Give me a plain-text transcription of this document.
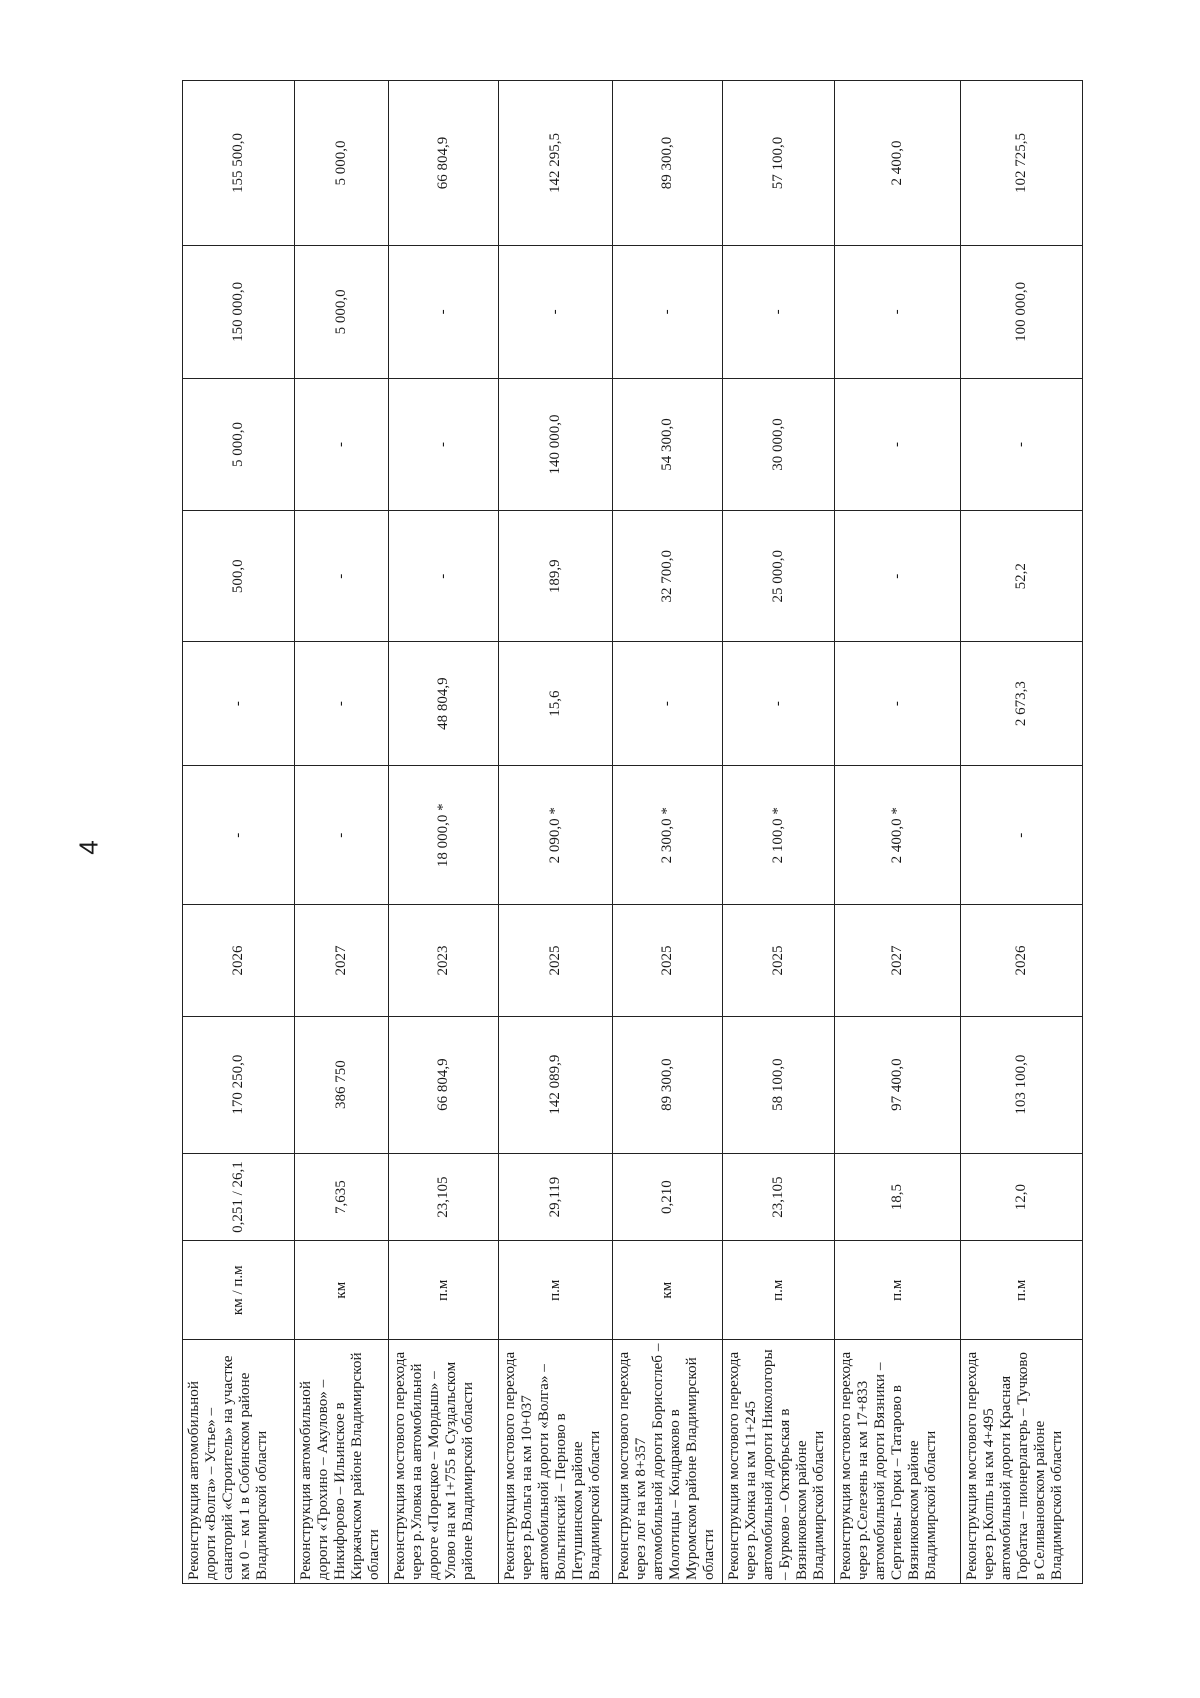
4
Реконструкция автомобильной дороги «Волга» – Устье» – санаторий «Строитель» на участке км 0 – км 1 в Собинском районе Владимирской области	км / п.м	0,251 / 26,1	170 250,0	2026	-	-	500,0	5 000,0	150 000,0	155 500,0
Реконструкция автомобильной дороги «Трохино – Акулово» – Никифорово – Ильинское в Киржачском районе Владимирской области	км	7,635	386 750	2027	-	-	-	-	5 000,0	5 000,0
Реконструкция мостового перехода через р.Уловка на автомобильной дороге «Порецкое – Мордыш» – Улово на км 1+755 в Суздальском районе Владимирской области	п.м	23,105	66 804,9	2023	18 000,0 *	48 804,9	-	-	-	66 804,9
Реконструкция мостового перехода через р.Вольга на км 10+037 автомобильной дороги «Волга» – Вольгинский – Перново в Петушинском районе Владимирской области	п.м	29,119	142 089,9	2025	2 090,0 *	15,6	189,9	140 000,0	-	142 295,5
Реконструкция мостового перехода через лог на км 8+357 автомобильной дороги Борисоглеб – Молотицы – Кондраково в Муромском районе Владимирской области	км	0,210	89 300,0	2025	2 300,0 *	-	32 700,0	54 300,0	-	89 300,0
Реконструкция мостового перехода через р.Хонка на км 11+245 автомобильной дороги Никологоры – Бурково – Октябрьская в Вязниковском районе Владимирской области	п.м	23,105	58 100,0	2025	2 100,0 *	-	25 000,0	30 000,0	-	57 100,0
Реконструкция мостового перехода через р.Селезень на км 17+833 автомобильной дороги Вязники – Сергиевы- Горки – Татарово в Вязниковском районе Владимирской области	п.м	18,5	97 400,0	2027	2 400,0 *	-	-	-	-	2 400,0
Реконструкция мостового перехода через р.Колпь на км 4+495 автомобильной дороги Красная Горбатка – пионерлагерь – Тучково в Селивановском районе Владимирской области	п.м	12,0	103 100,0	2026	-	2 673,3	52,2	-	100 000,0	102 725,5
